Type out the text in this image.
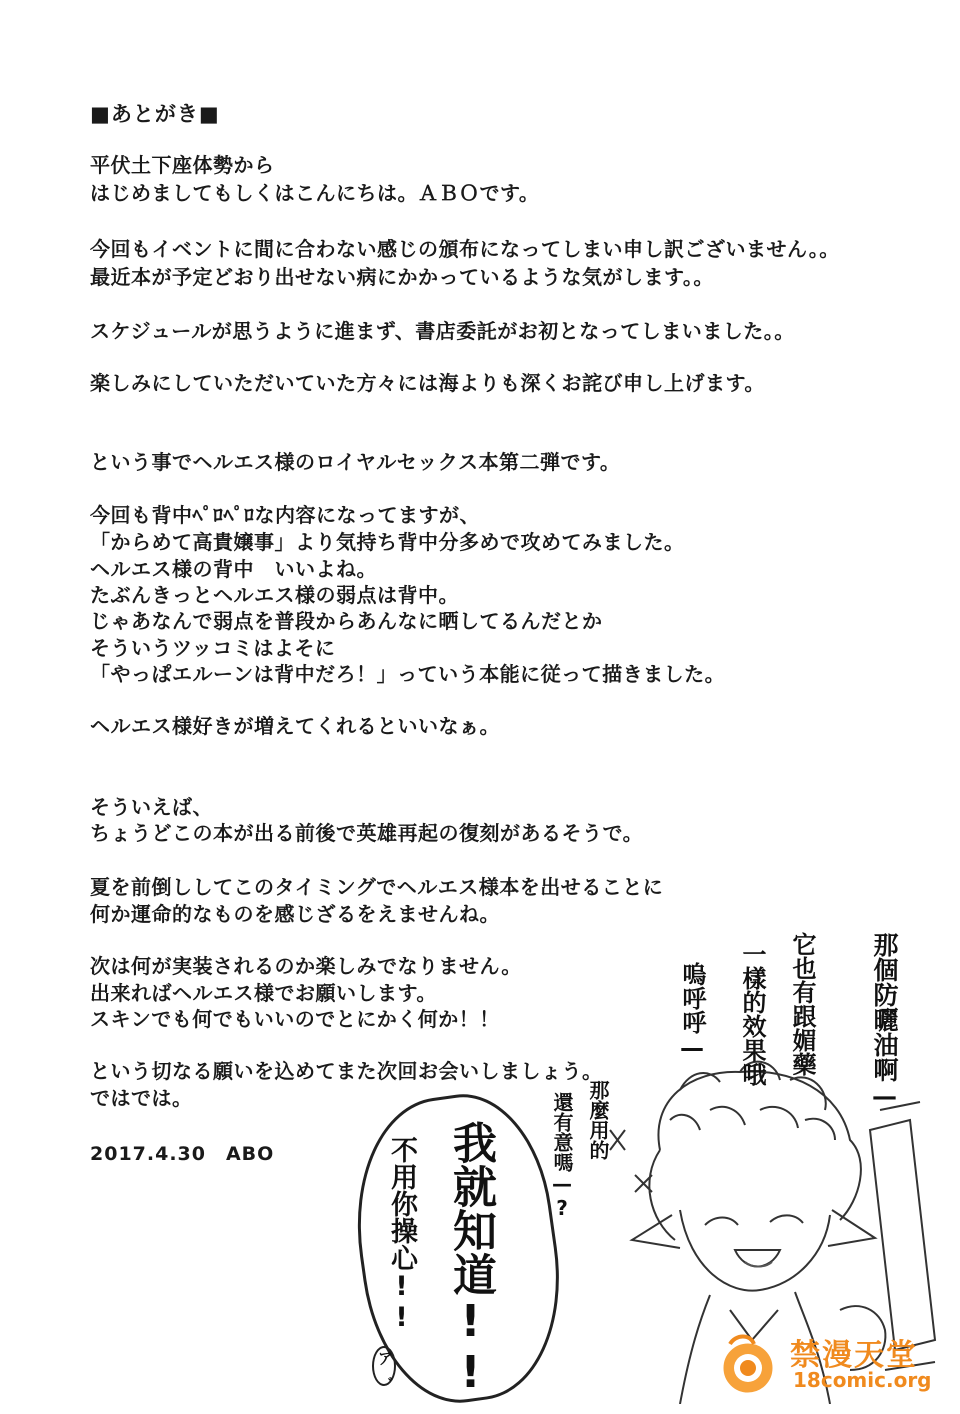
■あとがき■
平伏土下座体勢から
はじめましてもしくはこんにちは。ＡＢＯです。
今回もイベントに間に合わない感じの頒布になってしまい申し訳ございません。。
最近本が予定どおり出せない病にかかっているような気がします。。
スケジュールが思うように進まず、書店委託がお初となってしまいました。。
楽しみにしていただいていた方々には海よりも深くお詫び申し上げます。
という事でヘルエス様のロイヤルセックス本第二弾です。
今回も背中ﾍﾟﾛﾍﾟﾛな内容になってますが、
「からめて高貴嬢事」より気持ち背中分多めで攻めてみました。
ヘルエス様の背中　いいよね。
たぶんきっとヘルエス様の弱点は背中。
じゃあなんで弱点を普段からあんなに晒してるんだとか
そういうツッコミはよそに
「やっぱエルーンは背中だろ！」っていう本能に従って描きました。
ヘルエス様好きが増えてくれるといいなぁ。
そういえば、
ちょうどこの本が出る前後で英雄再起の復刻があるそうで。
夏を前倒ししてこのタイミングでヘルエス様本を出せることに
何か運命的なものを感じざるをえませんね。
次は何が実装されるのか楽しみでなりません。
出来ればヘルエス様でお願いします。
スキンでも何でもいいのでとにかく何か！！
という切なる願いを込めてまた次回お会いしましょう。
ではでは。
2017.4.30　ABO
那個防曬油啊—
它也有跟媚藥
一樣的效果哦
嗚呼呼—
那麼用的
還有意嗎—?
我就知道!!
不用你操心!!
ア゛	禁漫天堂
18comic.org
